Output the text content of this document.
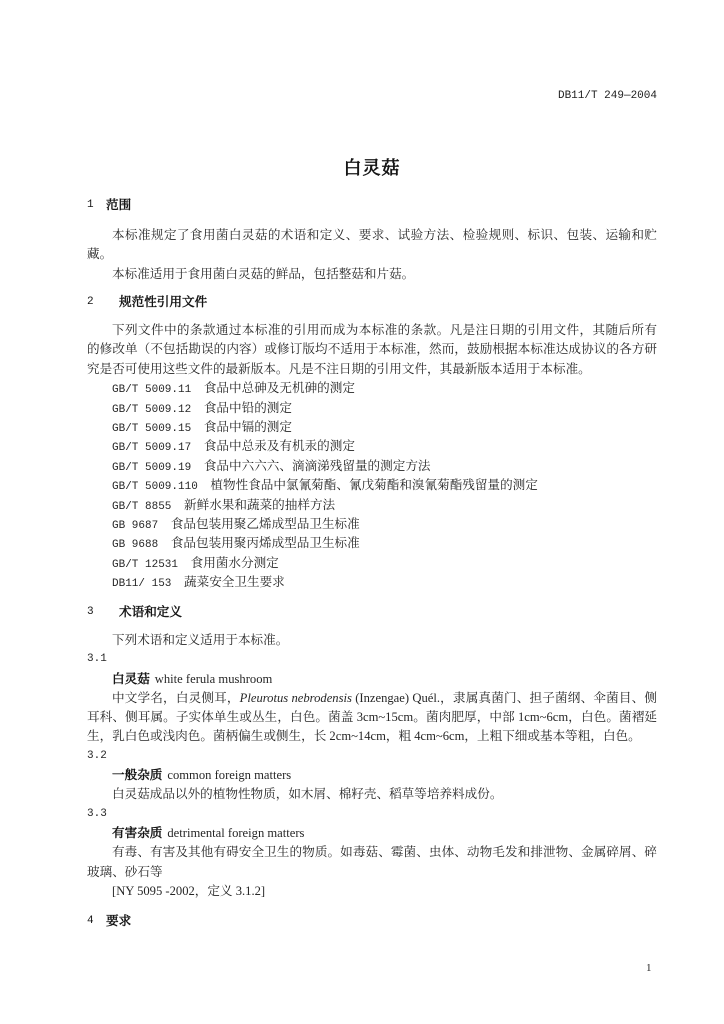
DB11/T 249—2004
白灵菇
1 范围
本标准规定了食用菌白灵菇的术语和定义、要求、试验方法、检验规则、标识、包装、运输和贮
藏。
本标准适用于食用菌白灵菇的鲜品，包括整菇和片菇。
2 规范性引用文件
下列文件中的条款通过本标准的引用而成为本标准的条款。凡是注日期的引用文件，其随后所有
的修改单（不包括勘误的内容）或修订版均不适用于本标准，然而，鼓励根据本标准达成协议的各方研
究是否可使用这些文件的最新版本。凡是不注日期的引用文件，其最新版本适用于本标准。
GB/T 5009.11 食品中总砷及无机砷的测定
GB/T 5009.12 食品中铅的测定
GB/T 5009.15 食品中镉的测定
GB/T 5009.17 食品中总汞及有机汞的测定
GB/T 5009.19 食品中六六六、滴滴涕残留量的测定方法
GB/T 5009.110 植物性食品中氯氰菊酯、氰戊菊酯和溴氰菊酯残留量的测定
GB/T 8855 新鲜水果和蔬菜的抽样方法
GB 9687 食品包装用聚乙烯成型品卫生标准
GB 9688 食品包装用聚丙烯成型品卫生标准
GB/T 12531 食用菌水分测定
DB11/ 153 蔬菜安全卫生要求
3 术语和定义
下列术语和定义适用于本标准。
3.1
白灵菇 white ferula mushroom
中文学名，白灵侧耳，Pleurotus nebrodensis (Inzengae) Quél.，隶属真菌门、担子菌纲、伞菌目、侧
耳科、侧耳属。子实体单生或丛生，白色。菌盖 3cm~15cm。菌肉肥厚，中部 1cm~6cm，白色。菌褶延
生，乳白色或浅肉色。菌柄偏生或侧生，长 2cm~14cm，粗 4cm~6cm，上粗下细或基本等粗，白色。
3.2
一般杂质 common foreign matters
白灵菇成品以外的植物性物质，如木屑、棉籽壳、稻草等培养料成份。
3.3
有害杂质 detrimental foreign matters
有毒、有害及其他有碍安全卫生的物质。如毒菇、霉菌、虫体、动物毛发和排泄物、金属碎屑、碎
玻璃、砂石等
[NY 5095 -2002，定义 3.1.2]
4 要求
1
